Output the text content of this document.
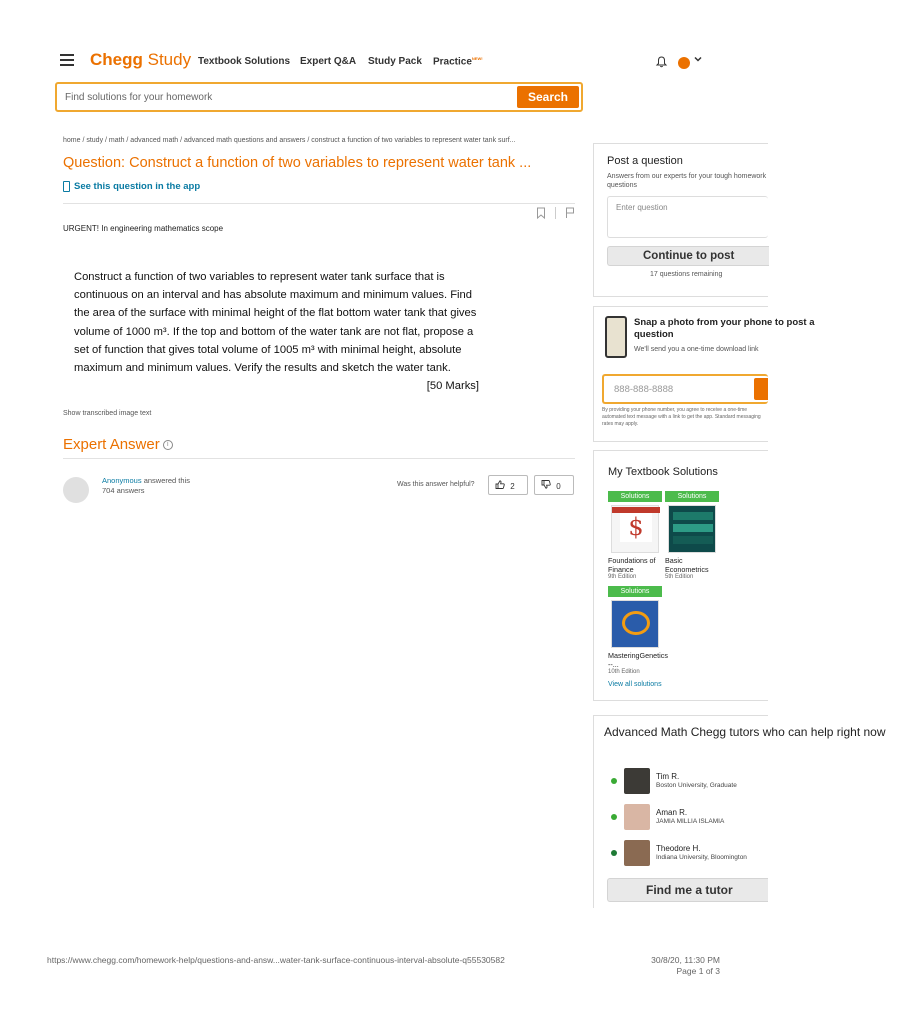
Chegg Study Textbook Solutions Expert Q&A Study Pack Practice$^{NEW!}$
Find solutions for your homework
Search
home / study / math / advanced math / advanced math questions and answers / construct a function of two variables to represent water tank surf...
Question: Construct a function of two variables to represent water tank ...
See this question in the app

URGENT! In engineering mathematics scope
Construct a function of two variables to represent water tank surface that is
continuous on an interval and has absolute maximum and minimum values. Find
the area of the surface with minimal height of the flat bottom water tank that gives
volume of 1000 m³. If the top and bottom of the water tank are not flat, propose a
set of function that gives total volume of 1005 m³ with minimal height, absolute
maximum and minimum values. Verify the results and sketch the water tank.
[50 Marks]
Show transcribed image text
Expert Answer i
Anonymous answered this
704 answers
Was this answer helpful?	2	0
Post a question
Answers from our experts for your tough homework questions
Continue to post
17 questions remaining
Enter question
Snap a photo from your phone to post a question
We'll send you a one-time download link
By providing your phone number, you agree to receive a one-time automated text message with a link to get the app. Standard messaging rates may apply.
888-888-8888
My Textbook Solutions
Solutions
$
Foundations of Finance
9th Edition
Solutions
Basic Econometrics
5th Edition
Solutions
MasteringGenetics --...
10th Edition
View all solutions
Advanced Math Chegg tutors who can help right now
Tim R.
Boston University, Graduate
Aman R.
JAMIA MILLIA ISLAMIA
Theodore H.
Indiana University, Bloomington
Find me a tutor
https://www.chegg.com/homework-help/questions-and-answ...water-tank-surface-continuous-interval-absolute-q55530582	30/8/20, 11:30 PM
Page 1 of 3
